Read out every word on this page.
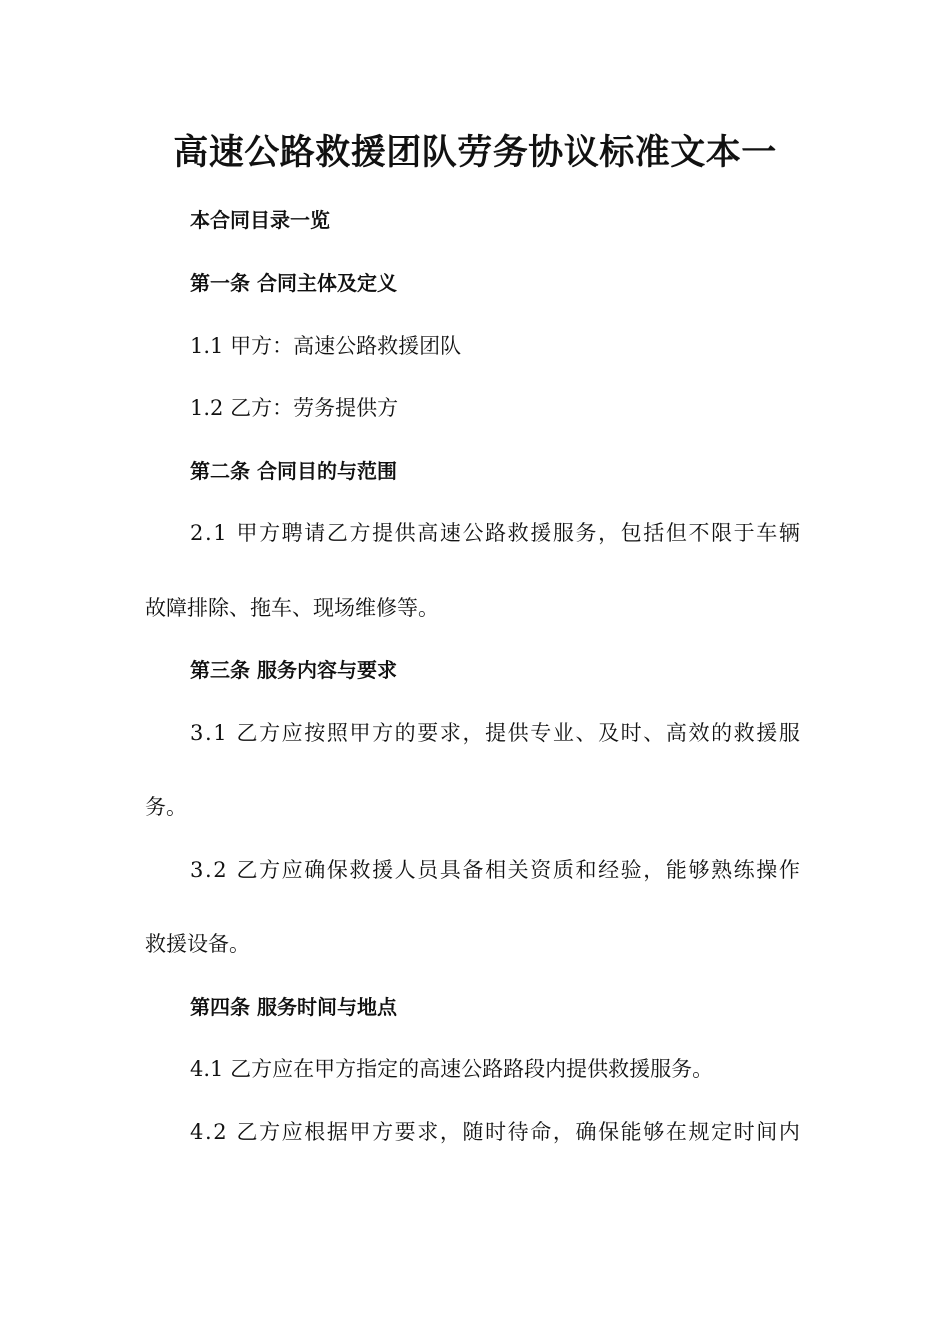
高速公路救援团队劳务协议标准文本一
本合同目录一览
第一条 合同主体及定义
1.1 甲方：高速公路救援团队
1.2 乙方：劳务提供方
第二条 合同目的与范围
2.1 甲方聘请乙方提供高速公路救援服务，包括但不限于车辆
故障排除、拖车、现场维修等。
第三条 服务内容与要求
3.1 乙方应按照甲方的要求，提供专业、及时、高效的救援服
务。
3.2 乙方应确保救援人员具备相关资质和经验，能够熟练操作
救援设备。
第四条 服务时间与地点
4.1 乙方应在甲方指定的高速公路路段内提供救援服务。
4.2 乙方应根据甲方要求，随时待命，确保能够在规定时间内
